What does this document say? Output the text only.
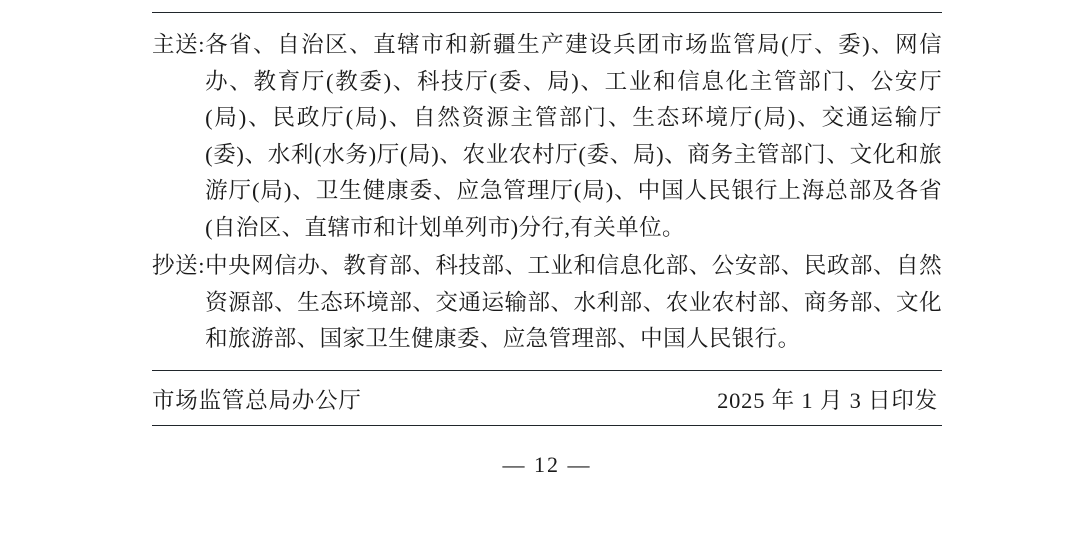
主送: 各省、自治区、直辖市和新疆生产建设兵团市场监管局(厅、委)、网信办、教育厅(教委)、科技厅(委、局)、工业和信息化主管部门、公安厅(局)、民政厅(局)、自然资源主管部门、生态环境厅(局)、交通运输厅(委)、水利(水务)厅(局)、农业农村厅(委、局)、商务主管部门、文化和旅游厅(局)、卫生健康委、应急管理厅(局)、中国人民银行上海总部及各省(自治区、直辖市和计划单列市)分行,有关单位。
抄送: 中央网信办、教育部、科技部、工业和信息化部、公安部、民政部、自然资源部、生态环境部、交通运输部、水利部、农业农村部、商务部、文化和旅游部、国家卫生健康委、应急管理部、中国人民银行。
市场监管总局办公厅	2025 年 1 月 3 日印发
— 12 —
